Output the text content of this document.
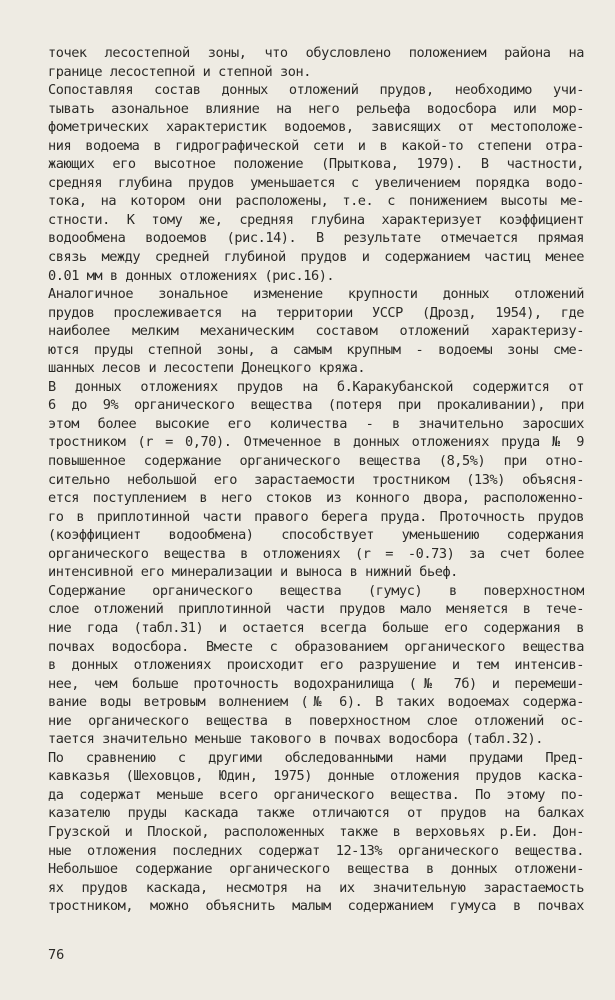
точек лесостепной зоны, что обусловлено положением района на
границе лесостепной и степной зон.
Сопоставляя состав донных отложений прудов, необходимо учи-
тывать азональное влияние на него рельефа водосбора или мор-
фометрических характеристик водоемов, зависящих от местоположе-
ния водоема в гидрографической сети и в какой-то степени отра-
жающих его высотное положение (Прыткова, 1979). В частности,
средняя глубина прудов уменьшается с увеличением порядка водо-
тока, на котором они расположены, т.е. с понижением высоты ме-
стности. К тому же, средняя глубина характеризует коэффициент
водообмена водоемов (рис.14). В результате отмечается прямая
связь между средней глубиной прудов и содержанием частиц менее
0.01 мм в донных отложениях (рис.16).
Аналогичное зональное изменение крупности донных отложений
прудов прослеживается на территории УССР (Дрозд, 1954), где
наиболее мелким механическим составом отложений характеризу-
ются пруды степной зоны, а самым крупным - водоемы зоны сме-
шанных лесов и лесостепи Донецкого кряжа.
В донных отложениях прудов на б.Каракубанской содержится от
6 до 9% органического вещества (потеря при прокаливании), при
этом более высокие его количества - в значительно заросших
тростником (r = 0,70). Отмеченное в донных отложениях пруда № 9
повышенное содержание органического вещества (8,5%) при отно-
сительно небольшой его зарастаемости тростником (13%) объясня-
ется поступлением в него стоков из конного двора, расположенно-
го в приплотинной части правого берега пруда. Проточность прудов
(коэффициент водообмена) способствует уменьшению содержания
органического вещества в отложениях (r = -0.73) за счет более
интенсивной его минерализации и выноса в нижний бьеф.
Содержание органического вещества (гумус) в поверхностном
слое отложений приплотинной части прудов мало меняется в тече-
ние года (табл.31) и остается всегда больше его содержания в
почвах водосбора. Вместе с образованием органического вещества
в донных отложениях происходит его разрушение и тем интенсив-
нее, чем больше проточность водохранилища (№ 7б) и перемеши-
вание воды ветровым волнением (№ 6). В таких водоемах содержа-
ние органического вещества в поверхностном слое отложений ос-
тается значительно меньше такового в почвах водосбора (табл.32).
По сравнению с другими обследованными нами прудами Пред-
кавказья (Шеховцов, Юдин, 1975) донные отложения прудов каска-
да содержат меньше всего органического вещества. По этому по-
казателю пруды каскада также отличаются от прудов на балках
Грузской и Плоской, расположенных также в верховьях р.Еи. Дон-
ные отложения последних содержат 12-13% органического вещества.
Небольшое содержание органического вещества в донных отложени-
ях прудов каскада, несмотря на их значительную зарастаемость
тростником, можно объяснить малым содержанием гумуса в почвах
76
